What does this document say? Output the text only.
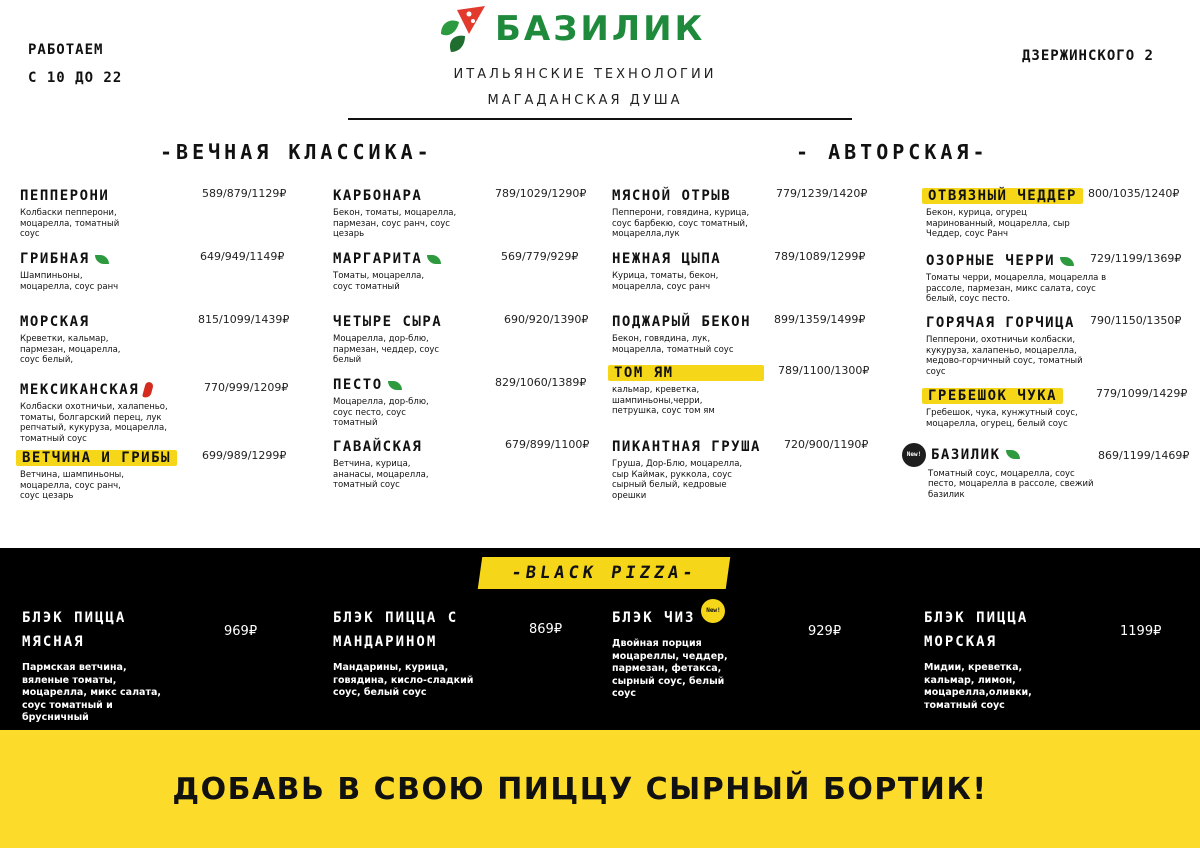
РАБОТАЕМ
С 10 ДО 22
ДЗЕРЖИНСКОГО 2
БАЗИЛИК
ИТАЛЬЯНСКИЕ ТЕХНОЛОГИИ
МАГАДАНСКАЯ ДУША
-ВЕЧНАЯ КЛАССИКА-	- АВТОРСКАЯ-
ПЕППЕРОНИ	589/879/1129₽
Колбаски пепперони, моцарелла, томатный соус
ГРИБНАЯ	649/949/1149₽
Шампиньоны, моцарелла, соус ранч
МОРСКАЯ	815/1099/1439₽
Креветки, кальмар, пармезан, моцарелла, соус белый,
МЕКСИКАНСКАЯ	770/999/1209₽
Колбаски охотничьи, халапеньо, томаты, болгарский перец, лук репчатый, кукуруза, моцарелла, томатный соус
ВЕТЧИНА И ГРИБЫ	699/989/1299₽
Ветчина, шампиньоны, моцарелла, соус ранч, соус цезарь
КАРБОНАРА	789/1029/1290₽
Бекон, томаты, моцарелла, пармезан, соус ранч, соус цезарь
МАРГАРИТА	569/779/929₽
Томаты, моцарелла, соус томатный
ЧЕТЫРЕ СЫРА	690/920/1390₽
Моцарелла, дор-блю, пармезан, чеддер, соус белый
ПЕСТО	829/1060/1389₽
Моцарелла, дор-блю, соус песто, соус томатный
ГАВАЙСКАЯ	679/899/1100₽
Ветчина, курица, ананасы, моцарелла, томатный соус
МЯСНОЙ ОТРЫВ	779/1239/1420₽
Пепперони, говядина, курица, соус барбекю, соус томатный, моцарелла,лук
НЕЖНАЯ ЦЫПА	789/1089/1299₽
Курица, томаты, бекон, моцарелла, соус ранч
ПОДЖАРЫЙ БЕКОН 899/1359/1499₽
Бекон, говядина, лук, моцарелла, томатный соус
ТОМ ЯМ	789/1100/1300₽
кальмар, креветка, шампиньоны,черри, петрушка, соус том ям
ПИКАНТНАЯ ГРУША 720/900/1190₽
Груша, Дор-Блю, моцарелла, сыр Каймак, руккола, соус сырный белый, кедровые орешки
ОТВЯЗНЫЙ ЧЕДДЕР 800/1035/1240₽
Бекон, курица, огурец маринованный, моцарелла, сыр Чеддер, соус Ранч
ОЗОРНЫЕ ЧЕРРИ	729/1199/1369₽
Томаты черри, моцарелла, моцарелла в рассоле, пармезан, микс салата, соус белый, соус песто.
ГОРЯЧАЯ ГОРЧИЦА 790/1150/1350₽
Пепперони, охотничьи колбаски, кукуруза, халапеньо, моцарелла, медово-горчичный соус, томатный соус
ГРЕБЕШОК ЧУКА	779/1099/1429₽
Гребешок, чука, кунжутный соус, моцарелла, огурец, белый соус
New! БАЗИЛИК	869/1199/1469₽
Томатный соус, моцарелла, соус песто, моцарелла в рассоле, свежий базилик
-BLACK PIZZA-
БЛЭК ПИЦЦА
МЯСНАЯ
969₽
Пармская ветчина, вяленые томаты, моцарелла, микс салата, соус томатный и брусничный
БЛЭК ПИЦЦА С
МАНДАРИНОМ
869₽
Мандарины, курица, говядина, кисло-сладкий соус, белый соус
БЛЭК ЧИЗ	New!
929₽
Двойная порция моцареллы, чеддер, пармезан, фетакса, сырный соус, белый соус
БЛЭК ПИЦЦА
МОРСКАЯ
1199₽
Мидии, креветка, кальмар, лимон, моцарелла,оливки, томатный соус
ДОБАВЬ В СВОЮ ПИЦЦУ СЫРНЫЙ БОРТИК!
